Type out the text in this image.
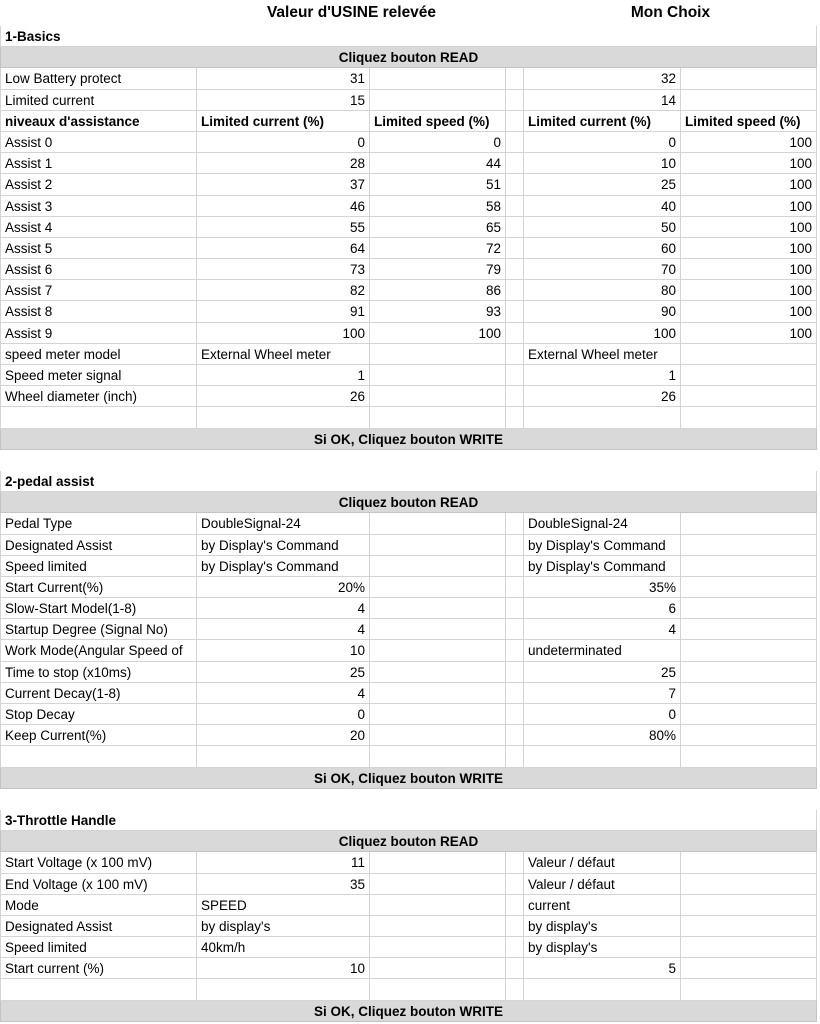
Valeur d'USINE relevée	Mon Choix
1-Basics
Cliquez bouton READ
Low Battery protect	31	32
Limited current	15	14
niveaux d'assistance	Limited current (%)	Limited speed (%)	Limited current (%)	Limited speed (%)
Assist 0	0	0	0	100
Assist 1	28	44	10	100
Assist 2	37	51	25	100
Assist 3	46	58	40	100
Assist 4	55	65	50	100
Assist 5	64	72	60	100
Assist 6	73	79	70	100
Assist 7	82	86	80	100
Assist 8	91	93	90	100
Assist 9	100	100	100	100
speed meter model	External Wheel meter	External Wheel meter
Speed meter signal	1	1
Wheel diameter (inch)	26	26
Si OK, Cliquez bouton WRITE
2-pedal assist
Cliquez bouton READ
Pedal Type	DoubleSignal-24	DoubleSignal-24
Designated Assist	by Display's Command	by Display's Command
Speed limited	by Display's Command	by Display's Command
Start Current(%)	20%	35%
Slow-Start Model(1-8)	4	6
Startup Degree (Signal No)	4	4
Work Mode(Angular Speed of	10	undeterminated
Time to stop (x10ms)	25	25
Current Decay(1-8)	4	7
Stop Decay	0	0
Keep Current(%)	20	80%
Si OK, Cliquez bouton WRITE
3-Throttle Handle
Cliquez bouton READ
Start Voltage (x 100 mV)	11	Valeur / défaut
End Voltage (x 100 mV)	35	Valeur / défaut
Mode	SPEED	current
Designated Assist	by display's	by display's
Speed limited	40km/h	by display's
Start current (%)	10	5
Si OK, Cliquez bouton WRITE
